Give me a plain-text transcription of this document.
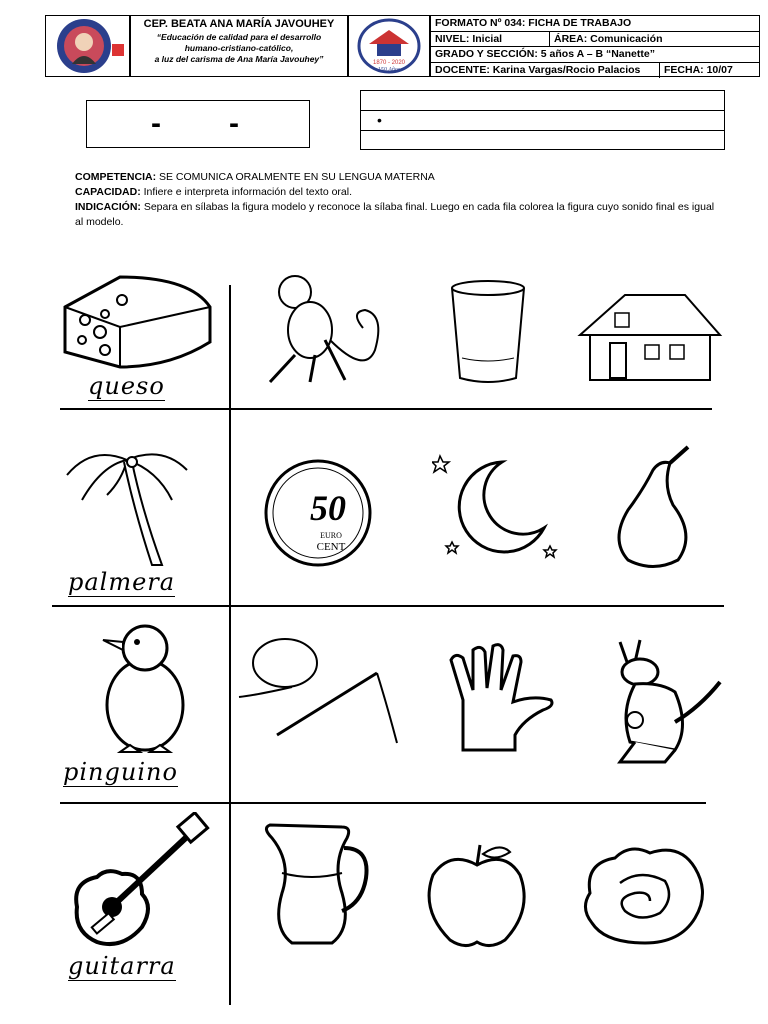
CEP. BEATA ANA MARÍA JAVOUHEY
“Educación de calidad para el desarrollo
humano-cristiano-católico,
a luz del carisma de Ana María Javouhey”	1870 - 2020
150 Años
FORMATO Nº 034: FICHA DE TRABAJO
NIVEL: Inicial	ÁREA: Comunicación
GRADO Y SECCIÓN: 5 años A – B “Nanette”
DOCENTE: Karina Vargas/Rocio Palacios	FECHA: 10/07
- -	•
COMPETENCIA: SE COMUNICA ORALMENTE EN SU LENGUA MATERNA
CAPACIDAD: Infiere e interpreta información del texto oral.
INDICACIÓN: Separa en sílabas la figura modelo y reconoce la sílaba final. Luego en cada fila colorea la figura cuyo sonido final es igual al modelo.
queso
palmera
50
EURO
CENT
pinguino
guitarra
